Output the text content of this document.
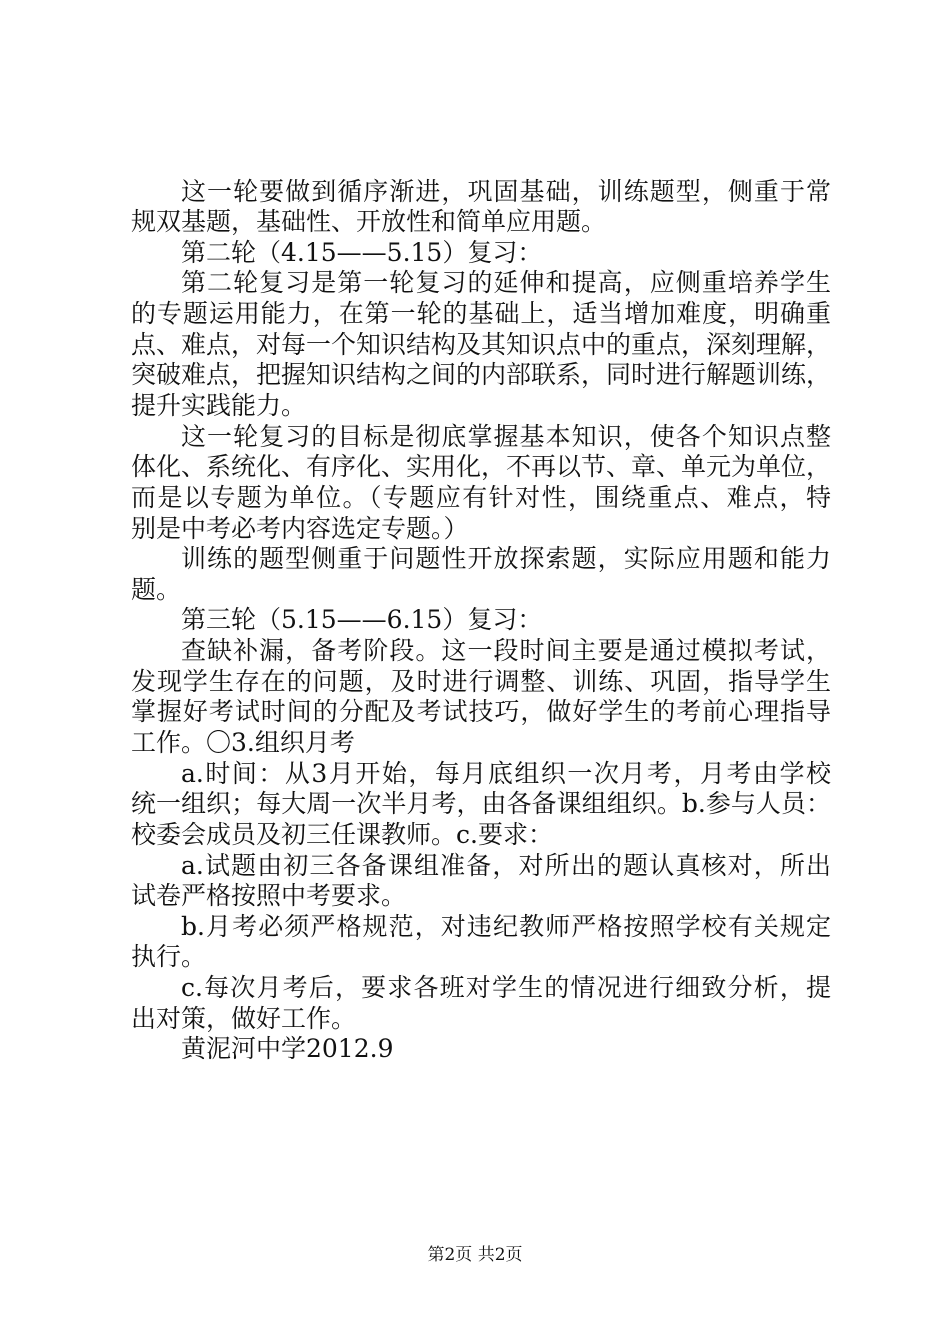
这一轮要做到循序渐进，巩固基础，训练题型，侧重于常
规双基题，基础性、开放性和简单应用题。
第二轮（4.15——5.15）复习：
第二轮复习是第一轮复习的延伸和提高，应侧重培养学生
的专题运用能力，在第一轮的基础上，适当增加难度，明确重
点、难点，对每一个知识结构及其知识点中的重点，深刻理解，
突破难点，把握知识结构之间的内部联系，同时进行解题训练，
提升实践能力。
这一轮复习的目标是彻底掌握基本知识，使各个知识点整
体化、系统化、有序化、实用化，不再以节、章、单元为单位，
而是以专题为单位。（专题应有针对性，围绕重点、难点，特
别是中考必考内容选定专题。）
训练的题型侧重于问题性开放探索题，实际应用题和能力
题。
第三轮（5.15——6.15）复习：
查缺补漏，备考阶段。这一段时间主要是通过模拟考试，
发现学生存在的问题，及时进行调整、训练、巩固，指导学生
掌握好考试时间的分配及考试技巧，做好学生的考前心理指导
工作。〇3.组织月考
a.时间：从3月开始，每月底组织一次月考，月考由学校
统一组织；每大周一次半月考，由各备课组组织。b.参与人员：
校委会成员及初三任课教师。c.要求：
a.试题由初三各备课组准备，对所出的题认真核对，所出
试卷严格按照中考要求。
b.月考必须严格规范，对违纪教师严格按照学校有关规定
执行。
c.每次月考后，要求各班对学生的情况进行细致分析，提
出对策，做好工作。
黄泥河中学2012.9
第2页 共2页
